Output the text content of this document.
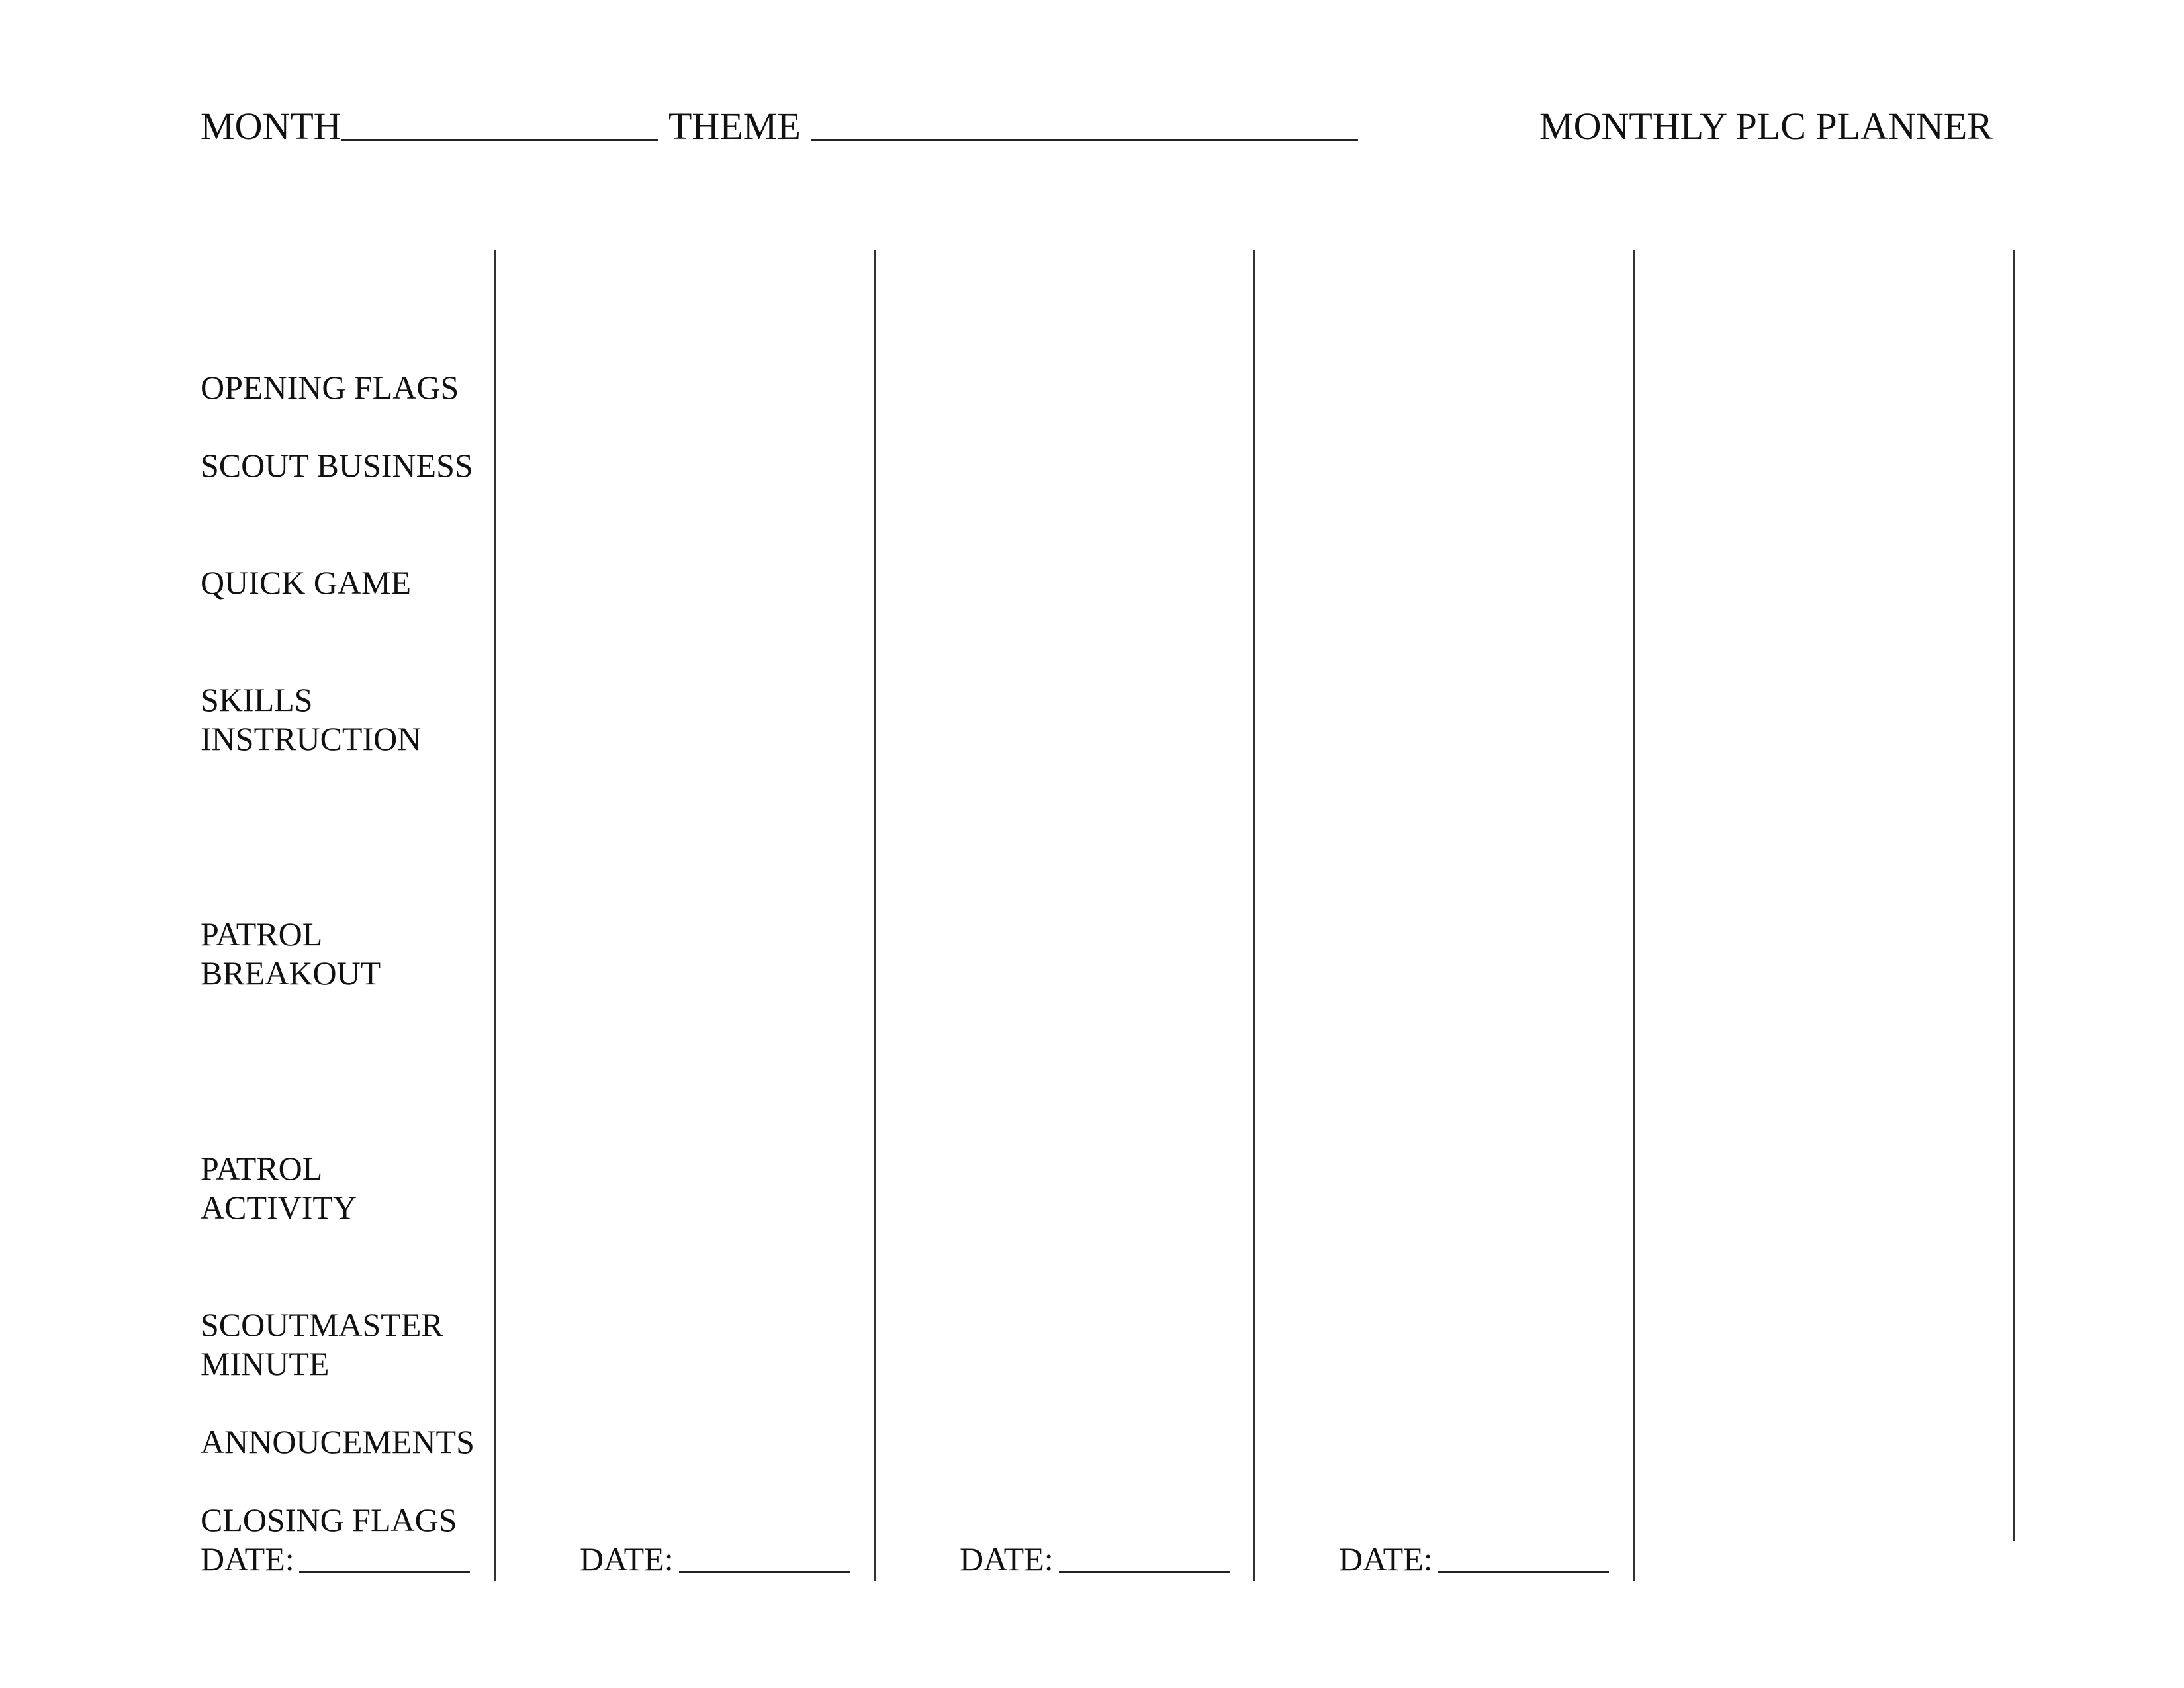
MONTH	THEME	MONTHLY PLC PLANNER
OPENING FLAGS
SCOUT BUSINESS
QUICK GAME
SKILLS INSTRUCTION
PATROL BREAKOUT
PATROL ACTIVITY
SCOUTMASTER MINUTE
ANNOUCEMENTS
CLOSING FLAGS
DATE:	DATE:	DATE:	DATE:
